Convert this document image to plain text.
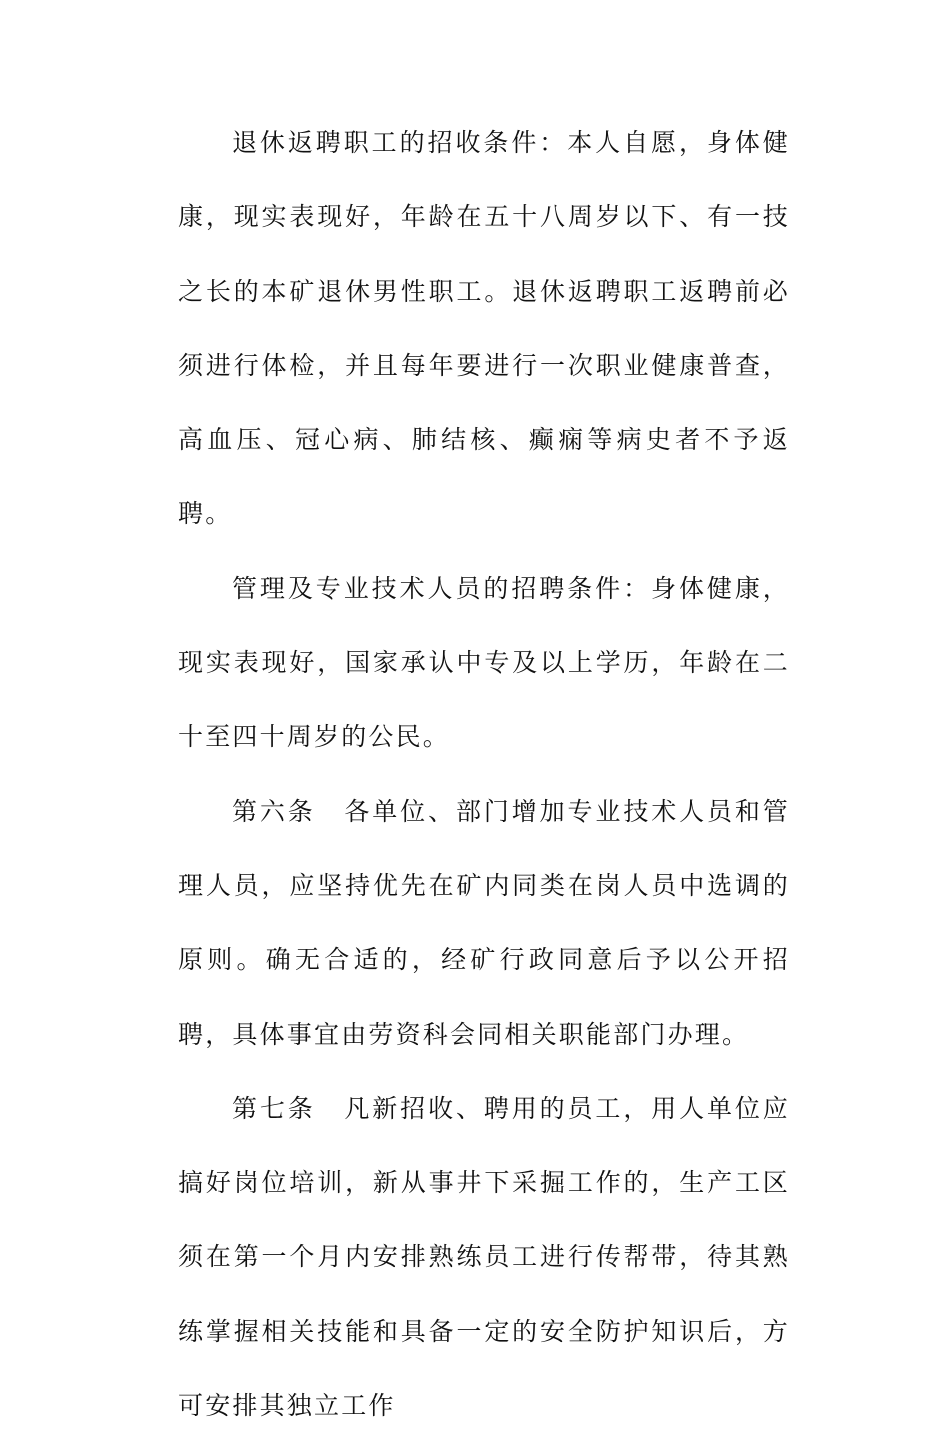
退休返聘职工的招收条件：本人自愿，身体健康，现实表现好，年龄在五十八周岁以下、有一技之长的本矿退休男性职工。退休返聘职工返聘前必须进行体检，并且每年要进行一次职业健康普查，高血压、冠心病、肺结核、癫痫等病史者不予返聘。

管理及专业技术人员的招聘条件：身体健康，现实表现好，国家承认中专及以上学历，年龄在二十至四十周岁的公民。

第六条 各单位、部门增加专业技术人员和管理人员，应坚持优先在矿内同类在岗人员中选调的原则。确无合适的，经矿行政同意后予以公开招聘，具体事宜由劳资科会同相关职能部门办理。

第七条 凡新招收、聘用的员工，用人单位应搞好岗位培训，新从事井下采掘工作的，生产工区须在第一个月内安排熟练员工进行传帮带，待其熟练掌握相关技能和具备一定的安全防护知识后，方可安排其独立工作
